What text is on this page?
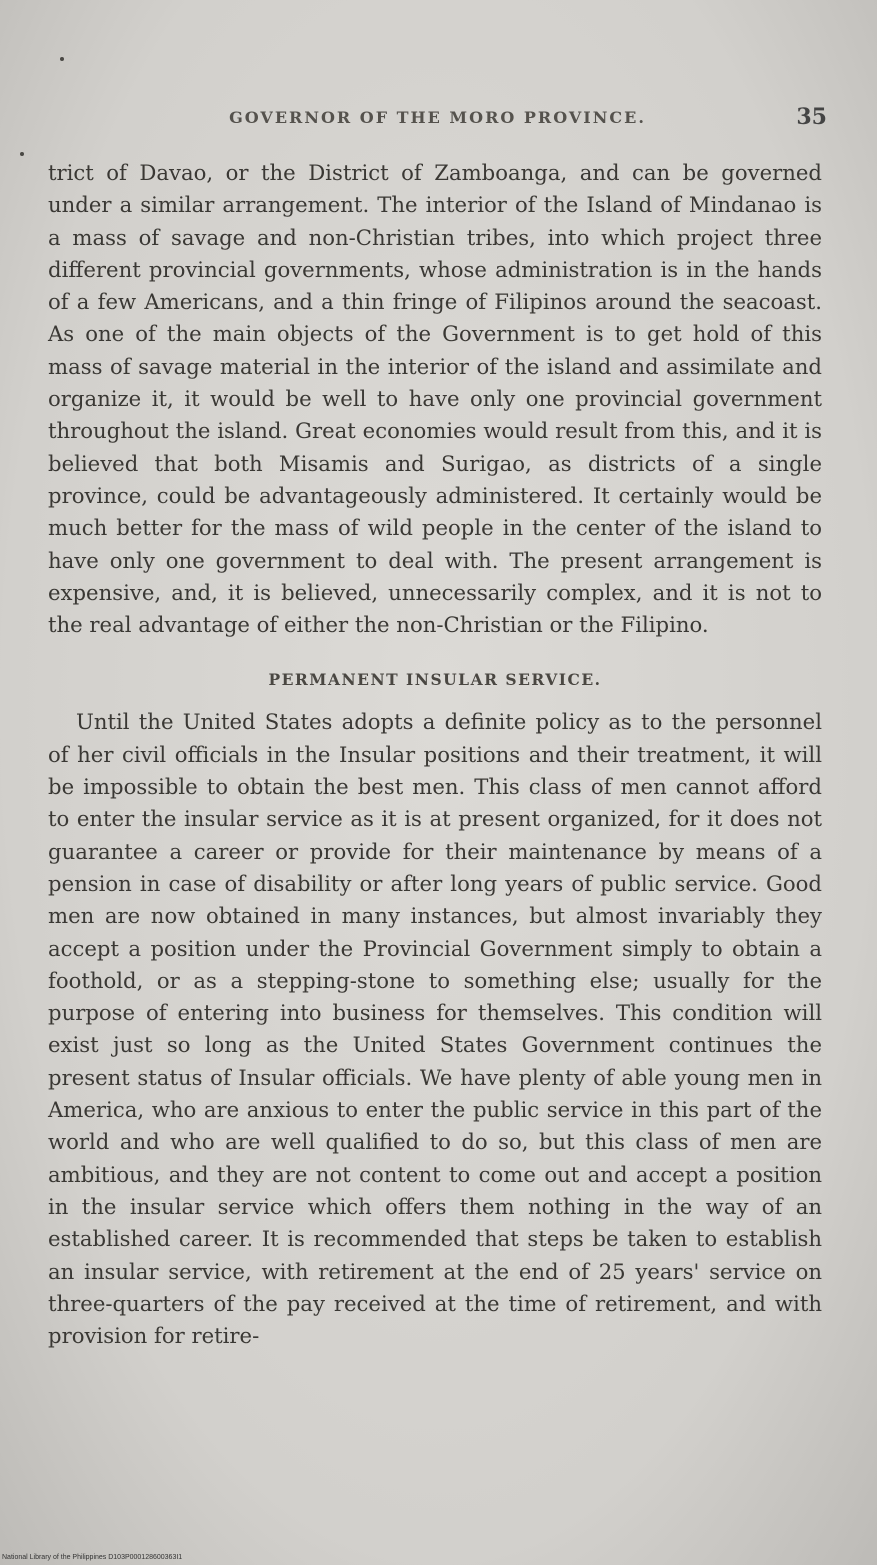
GOVERNOR OF THE MORO PROVINCE.	35

trict of Davao, or the District of Zamboanga, and can be governed under a similar arrangement. The interior of the Island of Mindanao is a mass of savage and non-Christian tribes, into which project three different provincial governments, whose administration is in the hands of a few Americans, and a thin fringe of Filipinos around the seacoast. As one of the main objects of the Government is to get hold of this mass of savage material in the interior of the island and assimilate and organize it, it would be well to have only one provincial government throughout the island. Great economies would result from this, and it is believed that both Misamis and Surigao, as districts of a single province, could be advantageously administered. It certainly would be much better for the mass of wild people in the center of the island to have only one government to deal with. The present arrangement is expensive, and, it is believed, unnecessarily complex, and it is not to the real advantage of either the non-Christian or the Filipino.

PERMANENT INSULAR SERVICE.

Until the United States adopts a definite policy as to the personnel of her civil officials in the Insular positions and their treatment, it will be impossible to obtain the best men. This class of men cannot afford to enter the insular service as it is at present organized, for it does not guarantee a career or provide for their maintenance by means of a pension in case of disability or after long years of public service. Good men are now obtained in many instances, but almost invariably they accept a position under the Provincial Government simply to obtain a foothold, or as a stepping-stone to something else; usually for the purpose of entering into business for themselves. This condition will exist just so long as the United States Government continues the present status of Insular officials. We have plenty of able young men in America, who are anxious to enter the public service in this part of the world and who are well qualified to do so, but this class of men are ambitious, and they are not content to come out and accept a position in the insular service which offers them nothing in the way of an established career. It is recommended that steps be taken to establish an insular service, with retirement at the end of 25 years' service on three-quarters of the pay received at the time of retirement, and with provision for retire-

National Library of the Philippines D103P000128600363I1
